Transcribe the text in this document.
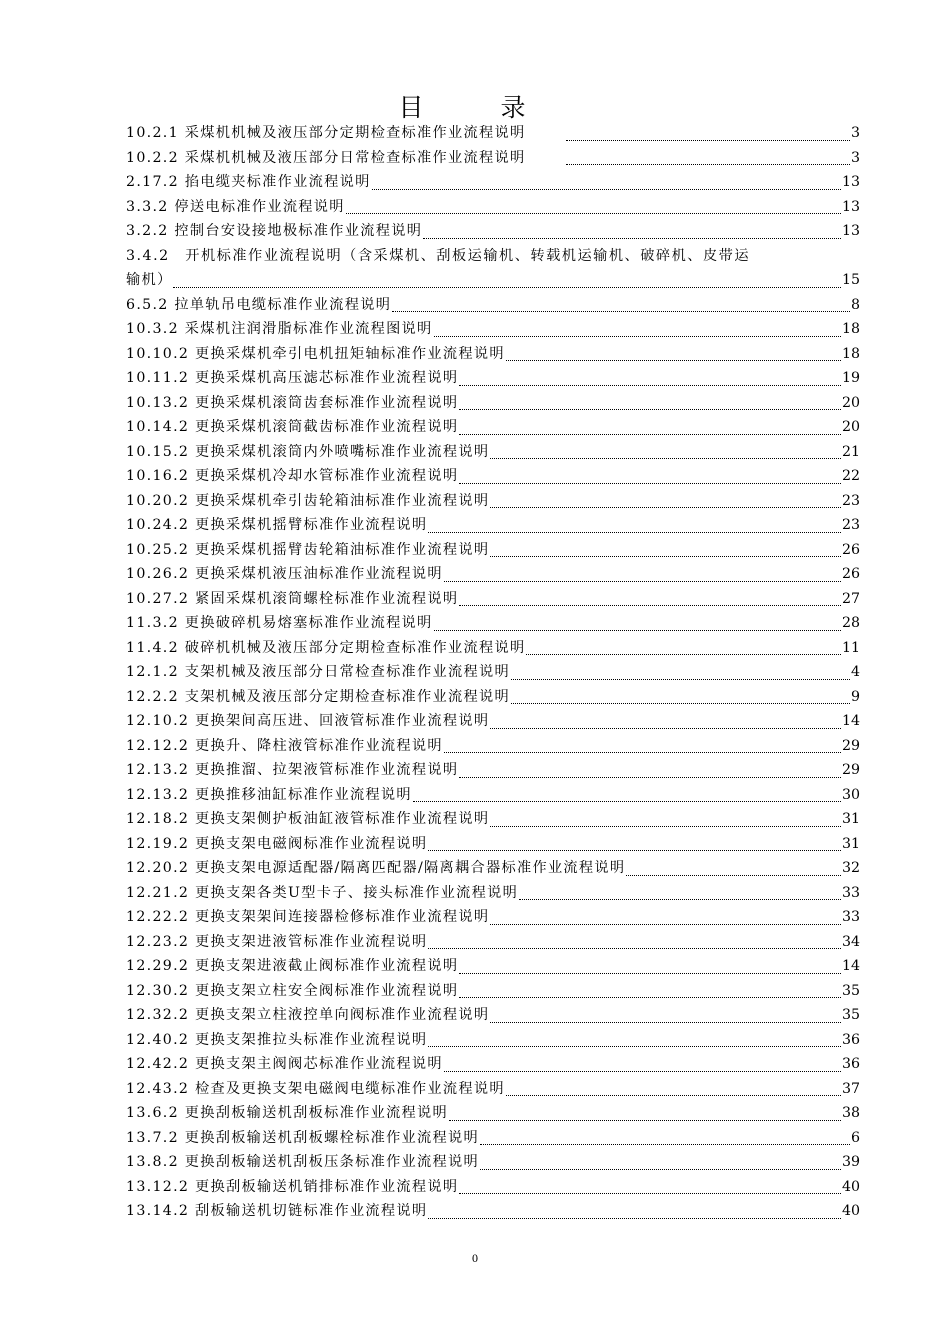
目　录
10.2.1 采煤机机械及液压部分定期检查标准作业流程说明	3
10.2.2 采煤机机械及液压部分日常检查标准作业流程说明	3
2.17.2 掐电缆夹标准作业流程说明	13
3.3.2 停送电标准作业流程说明	13
3.2.2 控制台安设接地极标准作业流程说明	13
3.4.2　开机标准作业流程说明（含采煤机、刮板运输机、转载机运输机、破碎机、皮带运
输机）	15
6.5.2 拉单轨吊电缆标准作业流程说明	8
10.3.2 采煤机注润滑脂标准作业流程图说明	18
10.10.2 更换采煤机牵引电机扭矩轴标准作业流程说明	18
10.11.2 更换采煤机高压滤芯标准作业流程说明	19
10.13.2 更换采煤机滚筒齿套标准作业流程说明	20
10.14.2 更换采煤机滚筒截齿标准作业流程说明	20
10.15.2 更换采煤机滚筒内外喷嘴标准作业流程说明	21
10.16.2 更换采煤机冷却水管标准作业流程说明	22
10.20.2 更换采煤机牵引齿轮箱油标准作业流程说明	23
10.24.2 更换采煤机摇臂标准作业流程说明	23
10.25.2 更换采煤机摇臂齿轮箱油标准作业流程说明	26
10.26.2 更换采煤机液压油标准作业流程说明	26
10.27.2 紧固采煤机滚筒螺栓标准作业流程说明	27
11.3.2 更换破碎机易熔塞标准作业流程说明	28
11.4.2 破碎机机械及液压部分定期检查标准作业流程说明	11
12.1.2 支架机械及液压部分日常检查标准作业流程说明	4
12.2.2 支架机械及液压部分定期检查标准作业流程说明	9
12.10.2 更换架间高压进、回液管标准作业流程说明	14
12.12.2 更换升、降柱液管标准作业流程说明	29
12.13.2 更换推溜、拉架液管标准作业流程说明	29
12.13.2 更换推移油缸标准作业流程说明	30
12.18.2 更换支架侧护板油缸液管标准作业流程说明	31
12.19.2 更换支架电磁阀标准作业流程说明	31
12.20.2 更换支架电源适配器/隔离匹配器/隔离耦合器标准作业流程说明	32
12.21.2 更换支架各类U型卡子、接头标准作业流程说明	33
12.22.2 更换支架架间连接器检修标准作业流程说明	33
12.23.2 更换支架进液管标准作业流程说明	34
12.29.2 更换支架进液截止阀标准作业流程说明	14
12.30.2 更换支架立柱安全阀标准作业流程说明	35
12.32.2 更换支架立柱液控单向阀标准作业流程说明	35
12.40.2 更换支架推拉头标准作业流程说明	36
12.42.2 更换支架主阀阀芯标准作业流程说明	36
12.43.2 检查及更换支架电磁阀电缆标准作业流程说明	37
13.6.2 更换刮板输送机刮板标准作业流程说明	38
13.7.2 更换刮板输送机刮板螺栓标准作业流程说明	6
13.8.2 更换刮板输送机刮板压条标准作业流程说明	39
13.12.2 更换刮板输送机销排标准作业流程说明	40
13.14.2 刮板输送机切链标准作业流程说明	40
0
